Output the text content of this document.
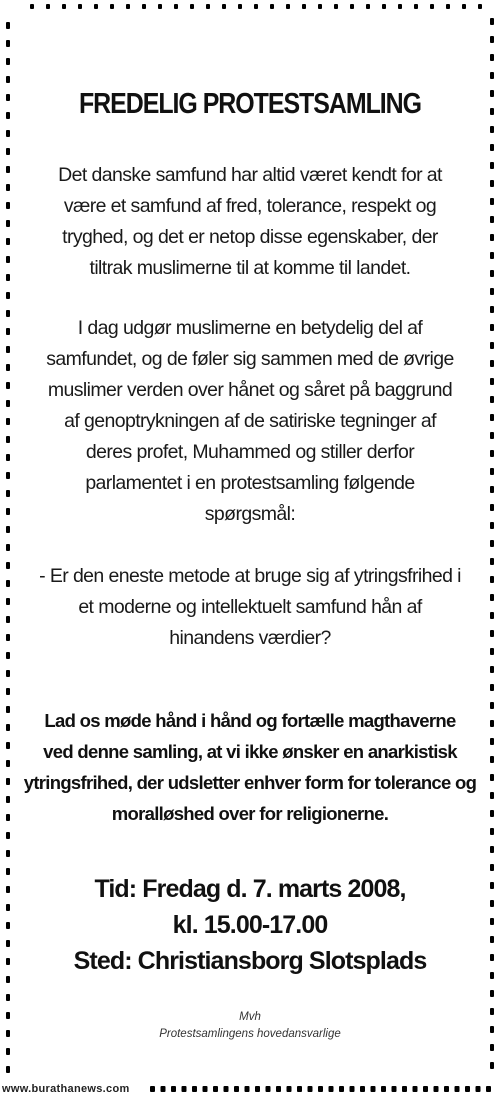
FREDELIG PROTESTSAMLING
Det danske samfund har altid været kendt for at
være et samfund af fred, tolerance, respekt og
tryghed, og det er netop disse egenskaber, der
tiltrak muslimerne til at komme til landet.
I dag udgør muslimerne en betydelig del af
samfundet, og de føler sig sammen med de øvrige
muslimer verden over hånet og såret på baggrund
af genoptrykningen af de satiriske tegninger af
deres profet, Muhammed og stiller derfor
parlamentet i en protestsamling følgende
spørgsmål:
- Er den eneste metode at bruge sig af ytringsfrihed i
et moderne og intellektuelt samfund hån af
hinandens værdier?
Lad os møde hånd i hånd og fortælle magthaverne
ved denne samling, at vi ikke ønsker en anarkistisk
ytringsfrihed, der udsletter enhver form for tolerance og
moralløshed over for religionerne.
Tid: Fredag d. 7. marts 2008,
kl. 15.00-17.00
Sted: Christiansborg Slotsplads
Mvh
Protestsamlingens hovedansvarlige
www.burathanews.com
